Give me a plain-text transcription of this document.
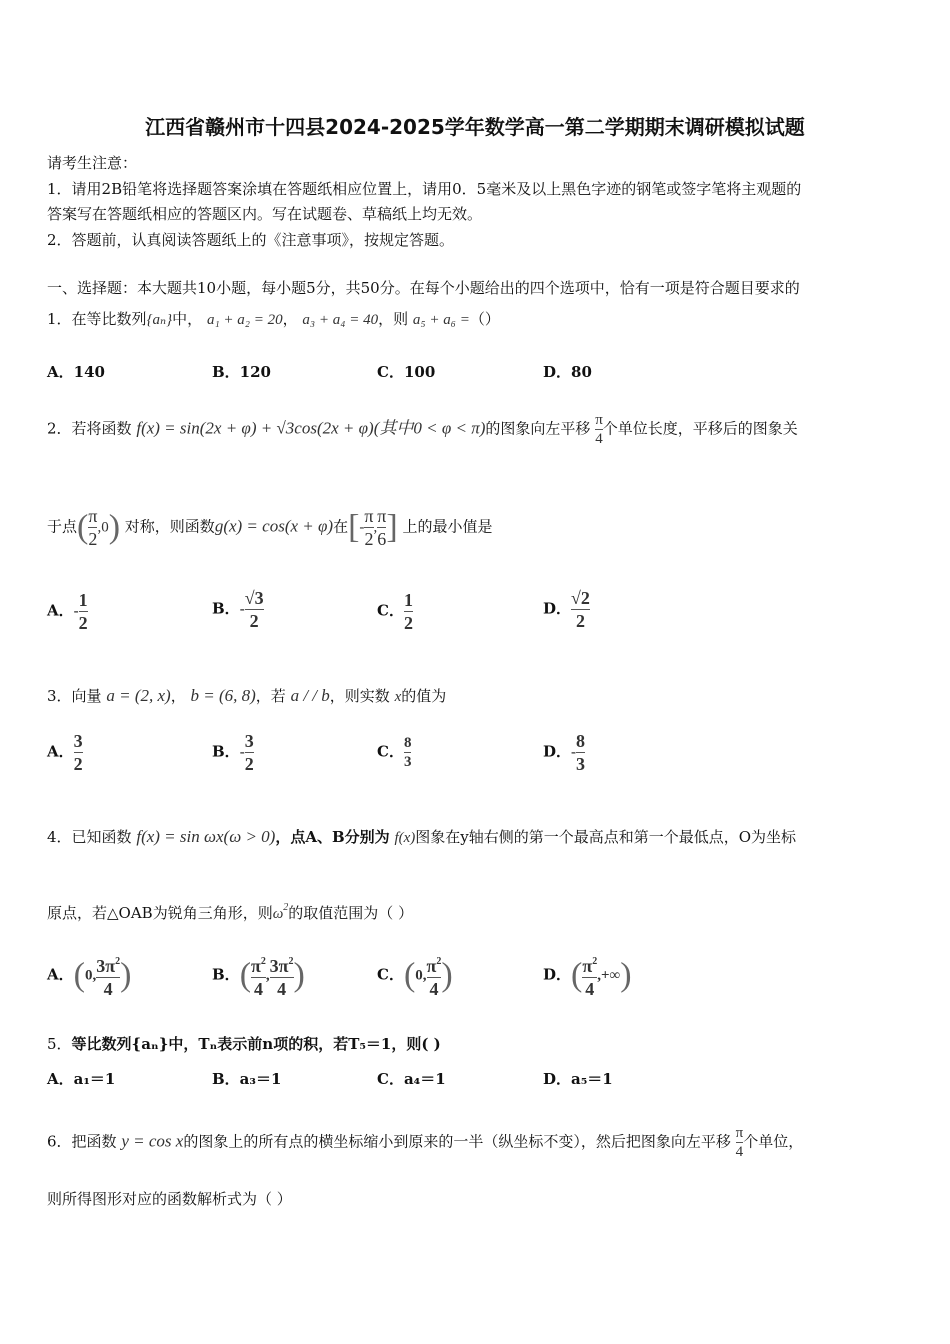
江西省赣州市十四县2024-2025学年数学高一第二学期期末调研模拟试题
请考生注意：
1．请用2B铅笔将选择题答案涂填在答题纸相应位置上，请用0．5毫米及以上黑色字迹的钢笔或签字笔将主观题的
答案写在答题纸相应的答题区内。写在试题卷、草稿纸上均无效。
2．答题前，认真阅读答题纸上的《注意事项》，按规定答题。
一、选择题：本大题共10小题，每小题5分，共50分。在每个小题给出的四个选项中，恰有一项是符合题目要求的
1．在等比数列{aₙ}中， a₁ + a₂ = 20， a₃ + a₄ = 40，则 a₅ + a₆ =（）
A．140	B．120	C．100	D．80
2．若将函数 f(x) = sin(2x + φ) + √3cos(2x + φ)(其中0 < φ < π)的图象向左平移 $\frac{\pi}{4}$ 个单位长度，平移后的图象关
于点( $\frac{\pi}{2} ,0$) 对称，则函数g(x) = cos(x + φ)在[- $\frac{\pi}{2}$ , $\frac{\pi}{6}$ ] 上的最小值是
A．- $\frac{1}{2}$	B．- $\frac{√3}{2}$	C． $\frac{1}{2}$	D． $\frac{√2}{2}$
3．向量 a = (2, x)， b = (6, 8)，若 a / / b，则实数 x的值为
A． $\frac{3}{2}$	B．- $\frac{3}{2}$	C． $\frac{8}{3}$	D．- $\frac{8}{3}$
4．已知函数 f(x) = sin ωx(ω > 0)，点A、B分别为 f(x)图象在y轴右侧的第一个最高点和第一个最低点，O为坐标
原点，若△OAB为锐角三角形，则$\omega^2$的取值范围为（ ）
A．(0, $\frac{3\pi^2}{4}$ )	B．( $\frac{\pi^2}{4}$ , $\frac{3\pi^2}{4}$ )	C．(0, $\frac{\pi^2}{4}$ )	D．( $\frac{\pi^2}{4}$ ,+∞)
5．等比数列{aₙ}中，Tₙ表示前n项的积，若T₅＝1，则( )
A．a₁＝1	B．a₃＝1	C．a₄＝1	D．a₅＝1
6．把函数 y = cos x的图象上的所有点的横坐标缩小到原来的一半（纵坐标不变），然后把图象向左平移 $\frac{\pi}{4}$ 个单位，
则所得图形对应的函数解析式为（ ）
